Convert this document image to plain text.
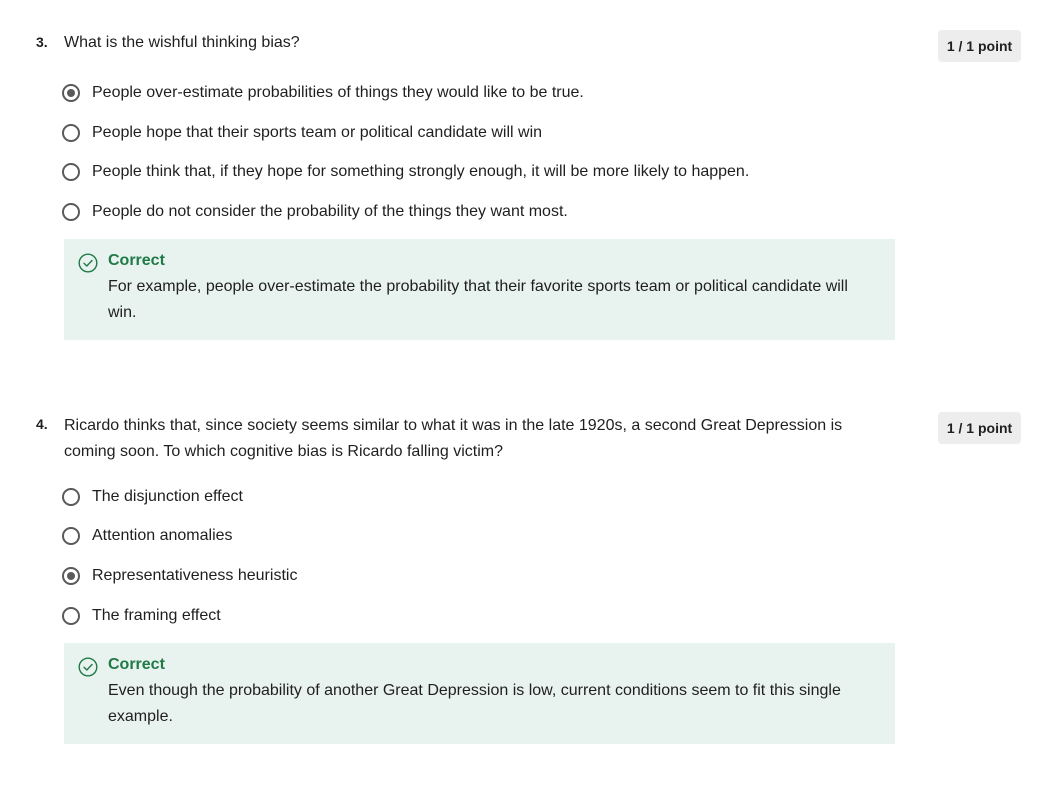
3. What is the wishful thinking bias?	1 / 1 point
People over-estimate probabilities of things they would like to be true.
People hope that their sports team or political candidate will win
People think that, if they hope for something strongly enough, it will be more likely to happen.
People do not consider the probability of the things they want most.
Correct
For example, people over-estimate the probability that their favorite sports team or political candidate will win.
4. Ricardo thinks that, since society seems similar to what it was in the late 1920s, a second Great Depression is coming soon. To which cognitive bias is Ricardo falling victim?
1 / 1 point
The disjunction effect
Attention anomalies
Representativeness heuristic
The framing effect
Correct
Even though the probability of another Great Depression is low, current conditions seem to fit this single example.
